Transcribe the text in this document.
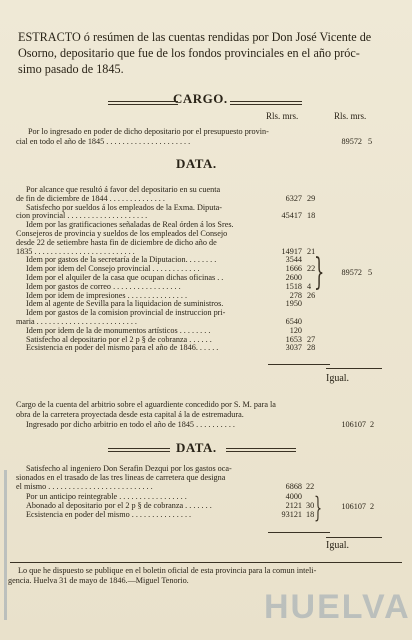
ESTRACTO ó resúmen de las cuentas rendidas por Don José Vicente de
Osorno, depositario que fue de los fondos provinciales en el año próc-
simo pasado de 1845.
CARGO.
Rls. mrs.	Rls. mrs.
Por lo ingresado en poder de dicho depositario por el presupuesto provin-
cial en todo el año de 1845 . . . . . . . . . . . . . . . . . . . . .	89572 5
DATA.
Por alcance que resultó á favor del depositario en su cuenta
de fin de diciembre de 1844 . . . . . . . . . . . . . .	6327 29
Satisfecho por sueldos á los empleados de la Exma. Diputa-
cion provincial . . . . . . . . . . . . . . . . . . . .	45417 18
Idem por las gratificaciones señaladas de Real órden á los Sres.
Consejeros de provincia y sueldos de los empleados del Consejo
desde 22 de setiembre hasta fin de diciembre de dicho año de
1835 . . . . . . . . . . . . . . . . . . . . . . . . .	14917 21
Idem por gastos de la secretaría de la Diputacion. . . . . . . .	3544
Idem por idem del Consejo provincial . . . . . . . . . . . .	1666 22
Idem por el alquiler de la casa que ocupan dichas oficinas . .	2600
Idem por gastos de correo . . . . . . . . . . . . . . . . .	1518 4
Idem por idem de impresiones . . . . . . . . . . . . . . .	278 26
Idem al agente de Sevilla para la liquidacion de suministros.	1950
Idem por gastos de la comision provincial de instruccion pri-
maria . . . . . . . . . . . . . . . . . . . . . . . . .	6540
Idem por idem de la de monumentos artísticos . . . . . . . .	120
Satisfecho al depositario por el 2 p § de cobranza . . . . . .	1653 27
Ecsistencia en poder del mismo para el año de 1846. . . . . .	3037 28
}	89572 5
Igual.
Cargo de la cuenta del arbitrio sobre el aguardiente concedido por S. M. para la
obra de la carretera proyectada desde esta capital á la de estremadura.
Ingresado por dicho arbitrio en todo el año de 1845 . . . . . . . . . .	106107 2
DATA.
Satisfecho al ingeniero Don Serafin Dezqui por los gastos oca-
sionados en el trasado de las tres lineas de carretera que designa
el mismo . . . . . . . . . . . . . . . . . . . . . . . . . .	6868 22
Por un anticipo reintegrable . . . . . . . . . . . . . . . . .	4000
Abonado al depositario por el 2 p § de cobranza . . . . . . .	2121 30
Ecsistencia en poder del mismo . . . . . . . . . . . . . . .	93121 18 }	106107 2
Igual.
Lo que he dispuesto se publique en el boletin oficial de esta provincia para la comun inteli-
gencia. Huelva 31 de mayo de 1846.—Miguel Tenorio.
HUELVA
